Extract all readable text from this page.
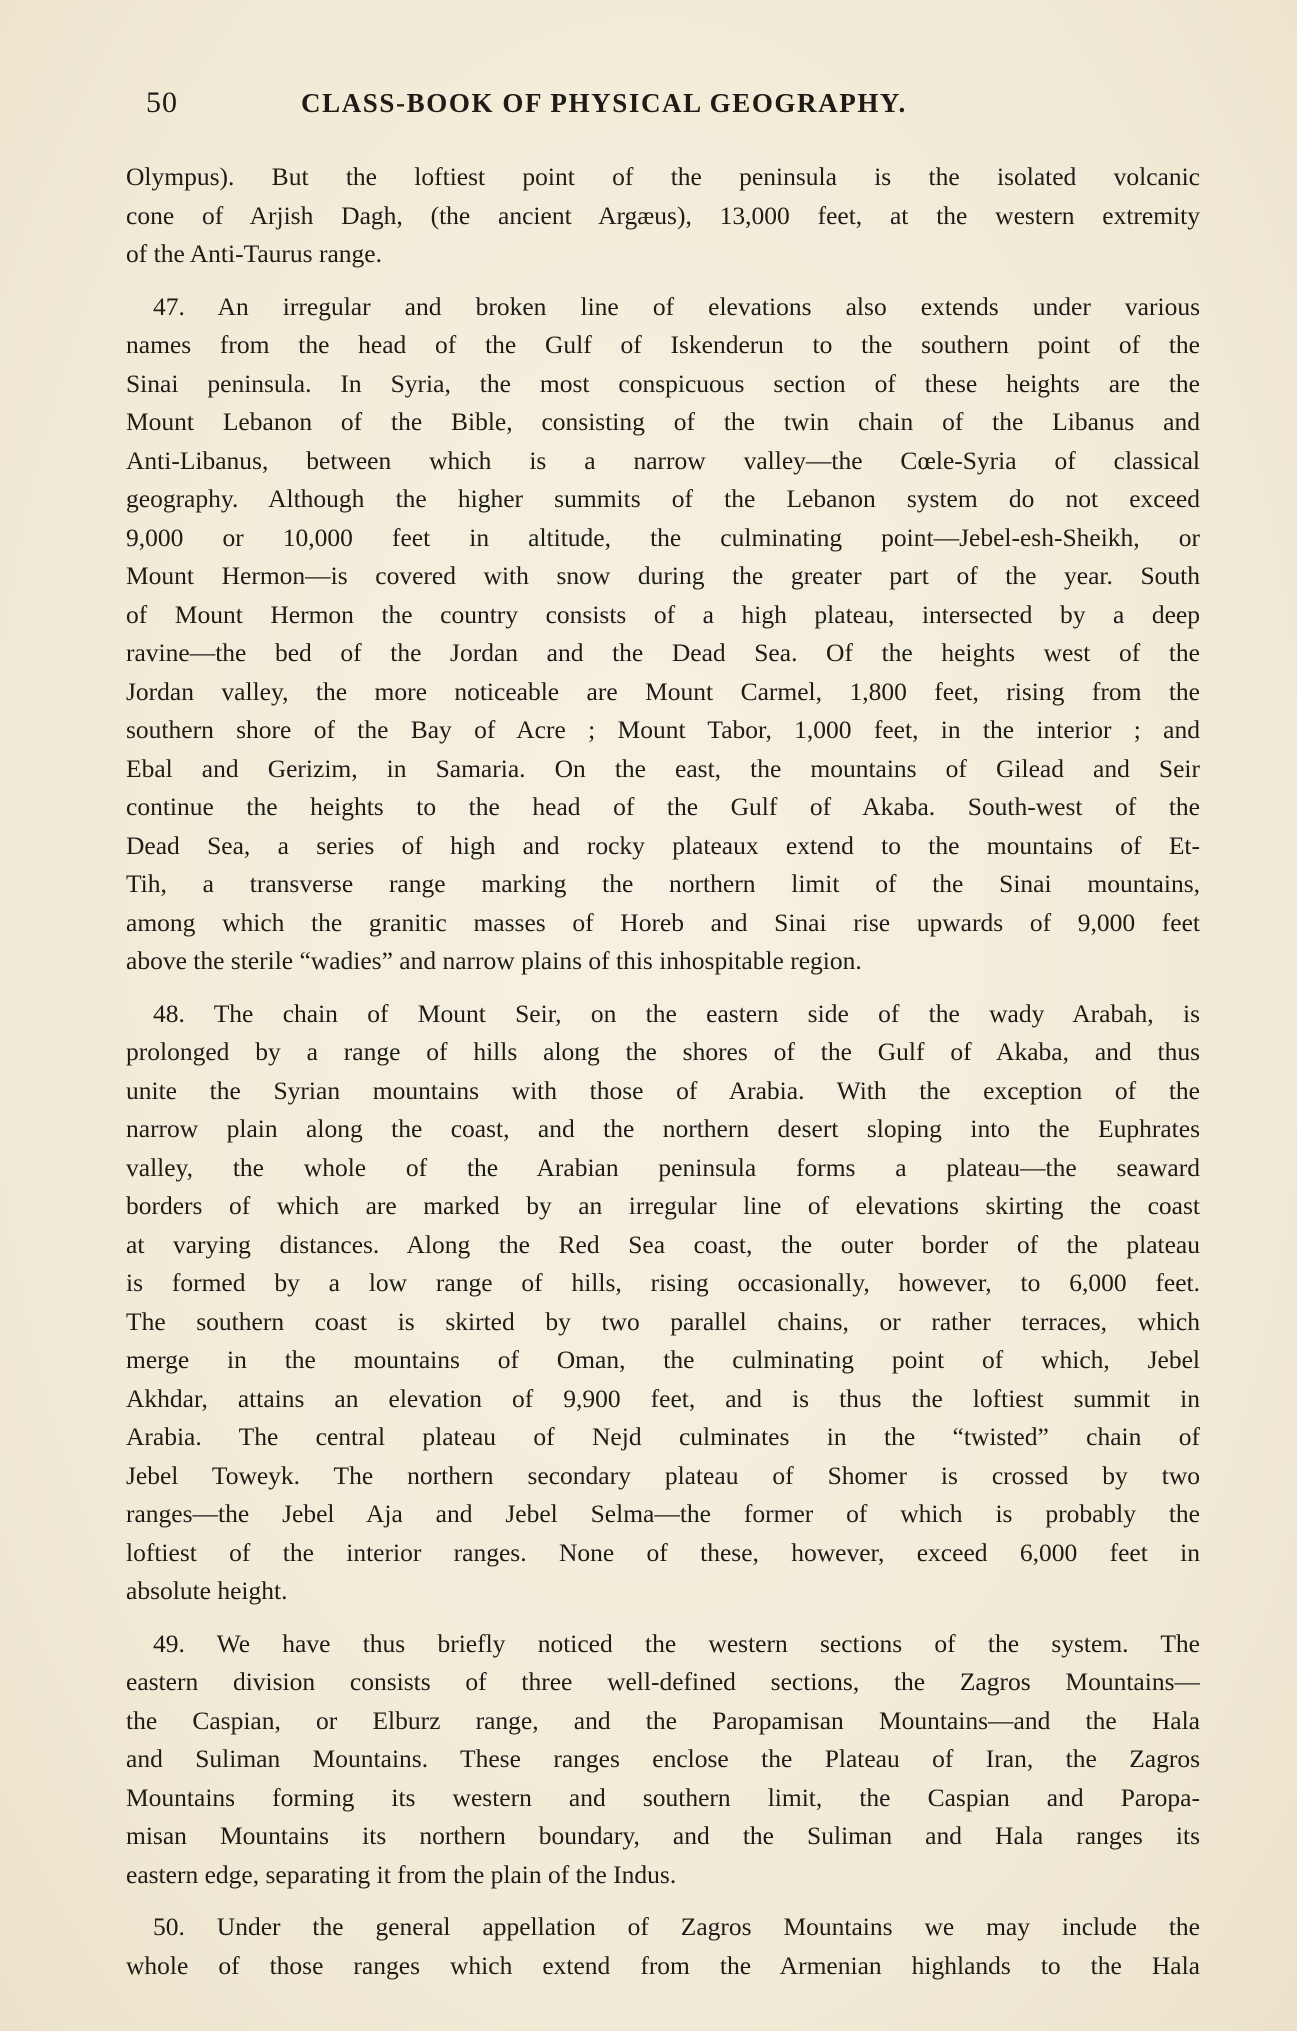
50	CLASS-BOOK OF PHYSICAL GEOGRAPHY.
Olympus). But the loftiest point of the peninsula is the isolated volcanic
cone of Arjish Dagh, (the ancient Argæus), 13,000 feet, at the western extremity
of the Anti-Taurus range.
47. An irregular and broken line of elevations also extends under various
names from the head of the Gulf of Iskenderun to the southern point of the
Sinai peninsula. In Syria, the most conspicuous section of these heights are the
Mount Lebanon of the Bible, consisting of the twin chain of the Libanus and
Anti-Libanus, between which is a narrow valley—the Cœle-Syria of classical
geography. Although the higher summits of the Lebanon system do not exceed
9,000 or 10,000 feet in altitude, the culminating point—Jebel-esh-Sheikh, or
Mount Hermon—is covered with snow during the greater part of the year. South
of Mount Hermon the country consists of a high plateau, intersected by a deep
ravine—the bed of the Jordan and the Dead Sea. Of the heights west of the
Jordan valley, the more noticeable are Mount Carmel, 1,800 feet, rising from the
southern shore of the Bay of Acre ; Mount Tabor, 1,000 feet, in the interior ; and
Ebal and Gerizim, in Samaria. On the east, the mountains of Gilead and Seir
continue the heights to the head of the Gulf of Akaba. South-west of the
Dead Sea, a series of high and rocky plateaux extend to the mountains of Et-
Tih, a transverse range marking the northern limit of the Sinai mountains,
among which the granitic masses of Horeb and Sinai rise upwards of 9,000 feet
above the sterile “wadies” and narrow plains of this inhospitable region.
48. The chain of Mount Seir, on the eastern side of the wady Arabah, is
prolonged by a range of hills along the shores of the Gulf of Akaba, and thus
unite the Syrian mountains with those of Arabia. With the exception of the
narrow plain along the coast, and the northern desert sloping into the Euphrates
valley, the whole of the Arabian peninsula forms a plateau—the seaward
borders of which are marked by an irregular line of elevations skirting the coast
at varying distances. Along the Red Sea coast, the outer border of the plateau
is formed by a low range of hills, rising occasionally, however, to 6,000 feet.
The southern coast is skirted by two parallel chains, or rather terraces, which
merge in the mountains of Oman, the culminating point of which, Jebel
Akhdar, attains an elevation of 9,900 feet, and is thus the loftiest summit in
Arabia. The central plateau of Nejd culminates in the “twisted” chain of
Jebel Toweyk. The northern secondary plateau of Shomer is crossed by two
ranges—the Jebel Aja and Jebel Selma—the former of which is probably the
loftiest of the interior ranges. None of these, however, exceed 6,000 feet in
absolute height.
49. We have thus briefly noticed the western sections of the system. The
eastern division consists of three well-defined sections, the Zagros Mountains—
the Caspian, or Elburz range, and the Paropamisan Mountains—and the Hala
and Suliman Mountains. These ranges enclose the Plateau of Iran, the Zagros
Mountains forming its western and southern limit, the Caspian and Paropa-
misan Mountains its northern boundary, and the Suliman and Hala ranges its
eastern edge, separating it from the plain of the Indus.
50. Under the general appellation of Zagros Mountains we may include the
whole of those ranges which extend from the Armenian highlands to the Hala
